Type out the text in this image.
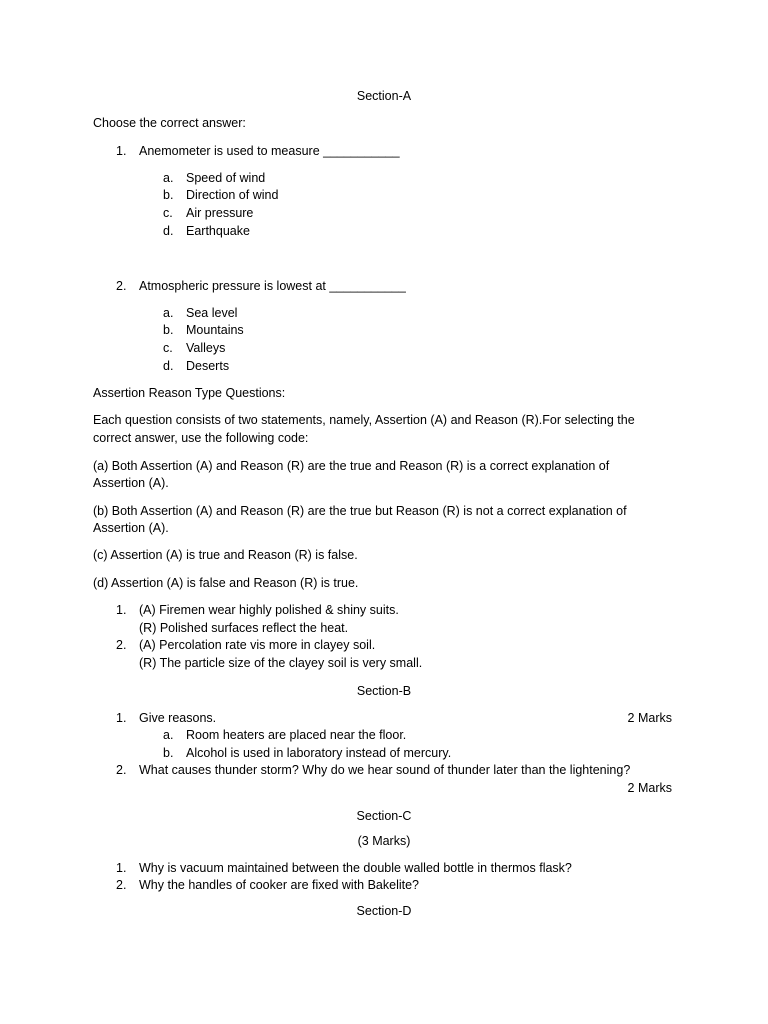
Section-A
Choose the correct answer:
1. Anemometer is used to measure ___________
a. Speed of wind
b. Direction of wind
c. Air pressure
d. Earthquake
2. Atmospheric pressure is lowest at ___________
a. Sea level
b. Mountains
c. Valleys
d. Deserts
Assertion Reason Type Questions:
Each question consists of two statements, namely, Assertion (A) and Reason (R).For selecting the
correct answer, use the following code:
(a) Both Assertion (A) and Reason (R) are the true and Reason (R) is a correct explanation of
Assertion (A).
(b) Both Assertion (A) and Reason (R) are the true but Reason (R) is not a correct explanation of
Assertion (A).
(c) Assertion (A) is true and Reason (R) is false.
(d) Assertion (A) is false and Reason (R) is true.
1. (A) Firemen wear highly polished & shiny suits.
(R) Polished surfaces reflect the heat.
2. (A) Percolation rate vis more in clayey soil.
(R) The particle size of the clayey soil is very small.
Section-B
1. Give reasons.	2 Marks
a. Room heaters are placed near the floor.
b. Alcohol is used in laboratory instead of mercury.
2. What causes thunder storm? Why do we hear sound of thunder later than the lightening?
2 Marks
Section-C
(3 Marks)
1. Why is vacuum maintained between the double walled bottle in thermos flask?
2. Why the handles of cooker are fixed with Bakelite?
Section-D
